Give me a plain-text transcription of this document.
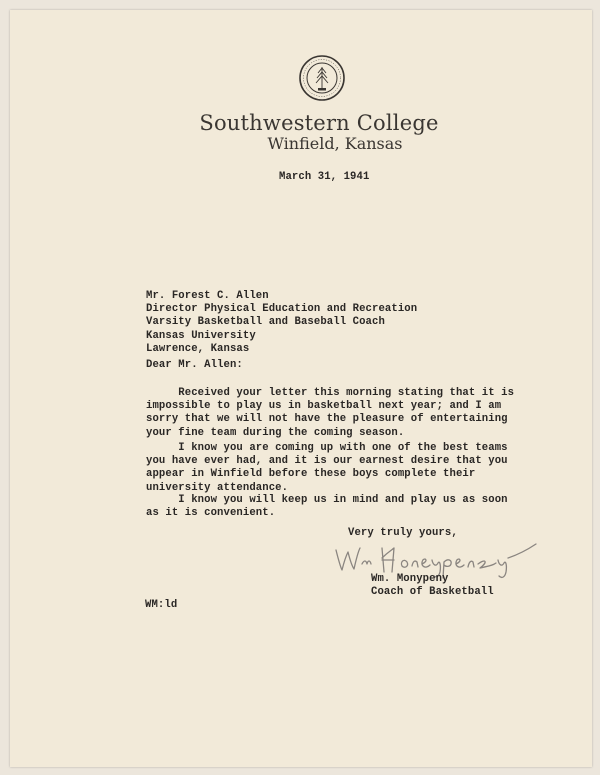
Southwestern College
Winfield, Kansas
March 31, 1941
Mr. Forest C. Allen
Director Physical Education and Recreation
Varsity Basketball and Baseball Coach
Kansas University
Lawrence, Kansas
Dear Mr. Allen:
Received your letter this morning stating that it is
impossible to play us in basketball next year; and I am
sorry that we will not have the pleasure of entertaining
your fine team during the coming season.
I know you are coming up with one of the best teams
you have ever had, and it is our earnest desire that you
appear in Winfield before these boys complete their
university attendance.
I know you will keep us in mind and play us as soon
as it is convenient.
Very truly yours,
Wm. Monypeny
Coach of Basketball
WM:ld
